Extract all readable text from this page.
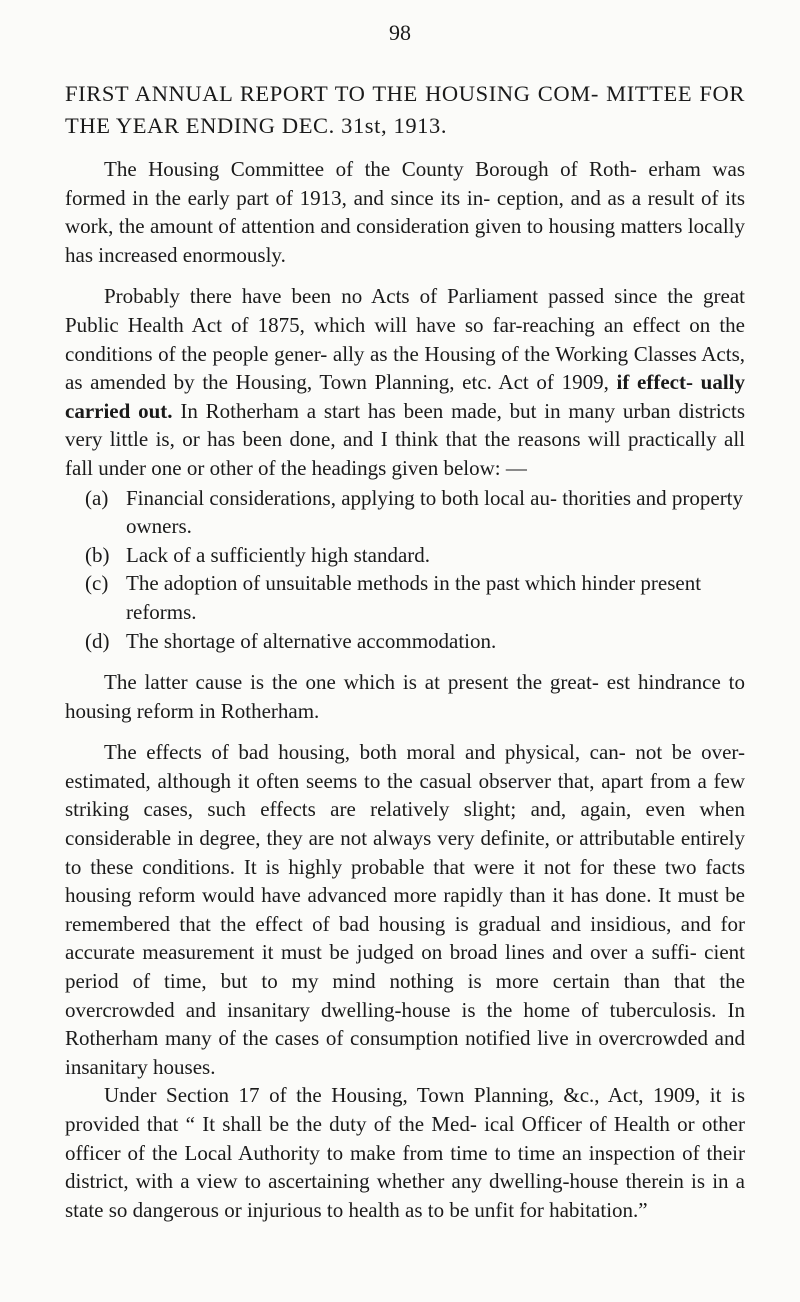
98
FIRST ANNUAL REPORT TO THE HOUSING COM- MITTEE FOR THE YEAR ENDING DEC. 31st, 1913.

The Housing Committee of the County Borough of Roth- erham was formed in the early part of 1913, and since its in- ception, and as a result of its work, the amount of attention and consideration given to housing matters locally has increased enormously.

Probably there have been no Acts of Parliament passed since the great Public Health Act of 1875, which will have so far-reaching an effect on the conditions of the people gener- ally as the Housing of the Working Classes Acts, as amended by the Housing, Town Planning, etc. Act of 1909, if effect- ually carried out. In Rotherham a start has been made, but in many urban districts very little is, or has been done, and I think that the reasons will practically all fall under one or other of the headings given below: —

(a) Financial considerations, applying to both local au- thorities and property owners.
(b) Lack of a sufficiently high standard.
(c) The adoption of unsuitable methods in the past which hinder present reforms.
(d) The shortage of alternative accommodation.

The latter cause is the one which is at present the great- est hindrance to housing reform in Rotherham.

The effects of bad housing, both moral and physical, can- not be over-estimated, although it often seems to the casual observer that, apart from a few striking cases, such effects are relatively slight; and, again, even when considerable in degree, they are not always very definite, or attributable entirely to these conditions. It is highly probable that were it not for these two facts housing reform would have advanced more rapidly than it has done. It must be remembered that the effect of bad housing is gradual and insidious, and for accurate measurement it must be judged on broad lines and over a suffi- cient period of time, but to my mind nothing is more certain than that the overcrowded and insanitary dwelling-house is the home of tuberculosis. In Rotherham many of the cases of consumption notified live in overcrowded and insanitary houses.

Under Section 17 of the Housing, Town Planning, &c., Act, 1909, it is provided that “ It shall be the duty of the Med- ical Officer of Health or other officer of the Local Authority to make from time to time an inspection of their district, with a view to ascertaining whether any dwelling-house therein is in a state so dangerous or injurious to health as to be unfit for habitation.”
